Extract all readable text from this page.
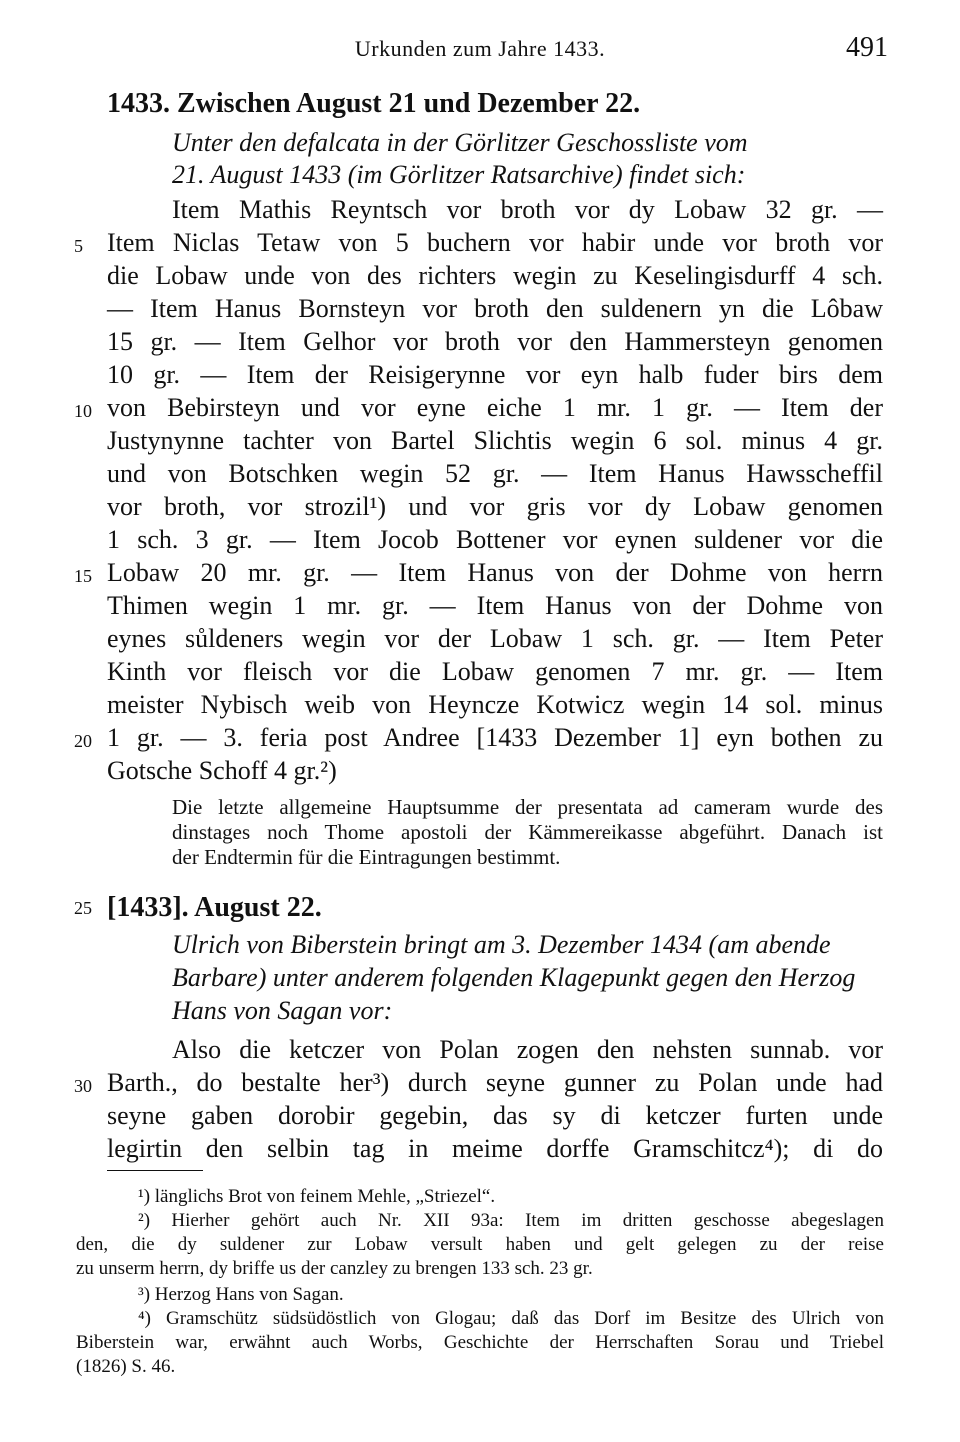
Urkunden zum Jahre 1433.	491
1433. Zwischen August 21 und Dezember 22.
Unter den defalcata in der Görlitzer Geschossliste vom
21. August 1433 (im Görlitzer Ratsarchive) findet sich:
Item Mathis Reyntsch vor broth vor dy Lobaw 32 gr. —
Item Niclas Tetaw von 5 buchern vor habir unde vor broth vor
die Lobaw unde von des richters wegin zu Keselingisdurff 4 sch.
— Item Hanus Bornsteyn vor broth den suldenern yn die Lôbaw
15 gr. — Item Gelhor vor broth vor den Hammersteyn genomen
10 gr. — Item der Reisigerynne vor eyn halb fuder birs dem
von Bebirsteyn und vor eyne eiche 1 mr. 1 gr. — Item der
Justynynne tachter von Bartel Slichtis wegin 6 sol. minus 4 gr.
und von Botschken wegin 52 gr. — Item Hanus Hawsscheffil
vor broth, vor strozil¹) und vor gris vor dy Lobaw genomen
1 sch. 3 gr. — Item Jocob Bottener vor eynen suldener vor die
Lobaw 20 mr. gr. — Item Hanus von der Dohme von herrn
Thimen wegin 1 mr. gr. — Item Hanus von der Dohme von
eynes sůldeners wegin vor der Lobaw 1 sch. gr. — Item Peter
Kinth vor fleisch vor die Lobaw genomen 7 mr. gr. — Item
meister Nybisch weib von Heyncze Kotwicz wegin 14 sol. minus
1 gr. — 3. feria post Andree [1433 Dezember 1] eyn bothen zu
Gotsche Schoff 4 gr.²)
Die letzte allgemeine Hauptsumme der presentata ad cameram wurde des
dinstages noch Thome apostoli der Kämmereikasse abgeführt. Danach ist
der Endtermin für die Eintragungen bestimmt.
[1433]. August 22.
Ulrich von Biberstein bringt am 3. Dezember 1434 (am abende
Barbare) unter anderem folgenden Klagepunkt gegen den Herzog
Hans von Sagan vor:
Also die ketczer von Polan zogen den nehsten sunnab. vor
Barth., do bestalte her³) durch seyne gunner zu Polan unde had
seyne gaben dorobir gegebin, das sy di ketczer furten unde
legirtin den selbin tag in meime dorffe Gramschitcz⁴); di do
5
10
15
20
25
30
¹) länglichs Brot von feinem Mehle, „Striezel“.
²) Hierher gehört auch Nr. XII 93a: Item im dritten geschosse abegeslagen
den, die dy suldener zur Lobaw versult haben und gelt gelegen zu der reise
zu unserm herrn, dy briffe us der canzley zu brengen 133 sch. 23 gr.
³) Herzog Hans von Sagan.
⁴) Gramschütz südsüdöstlich von Glogau; daß das Dorf im Besitze des Ulrich von
Biberstein war, erwähnt auch Worbs, Geschichte der Herrschaften Sorau und Triebel
(1826) S. 46.
